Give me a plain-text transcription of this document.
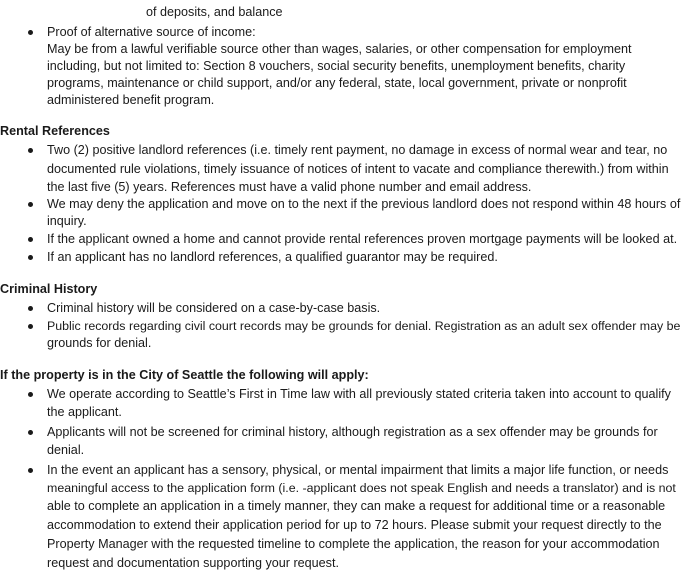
of deposits, and balance
Proof of alternative source of income:
May be from a lawful verifiable source other than wages, salaries, or other compensation for employment
including, but not limited to: Section 8 vouchers, social security benefits, unemployment benefits, charity
programs, maintenance or child support, and/or any federal, state, local government, private or nonprofit
administered benefit program.
Rental References
Two (2) positive landlord references (i.e. timely rent payment, no damage in excess of normal wear and tear, no
documented rule violations, timely issuance of notices of intent to vacate and compliance therewith.) from within
the last five (5) years. References must have a valid phone number and email address.
We may deny the application and move on to the next if the previous landlord does not respond within 48 hours of
inquiry.
If the applicant owned a home and cannot provide rental references proven mortgage payments will be looked at.
If an applicant has no landlord references, a qualified guarantor may be required.
Criminal History
Criminal history will be considered on a case-by-case basis.
Public records regarding civil court records may be grounds for denial. Registration as an adult sex offender may be
grounds for denial.
If the property is in the City of Seattle the following will apply:
We operate according to Seattle’s First in Time law with all previously stated criteria taken into account to qualify
the applicant.
Applicants will not be screened for criminal history, although registration as a sex offender may be grounds for
denial.
In the event an applicant has a sensory, physical, or mental impairment that limits a major life function, or needs
meaningful access to the application form (i.e. -applicant does not speak English and needs a translator) and is not
able to complete an application in a timely manner, they can make a request for additional time or a reasonable
accommodation to extend their application period for up to 72 hours. Please submit your request directly to the
Property Manager with the requested timeline to complete the application, the reason for your accommodation
request and documentation supporting your request.
